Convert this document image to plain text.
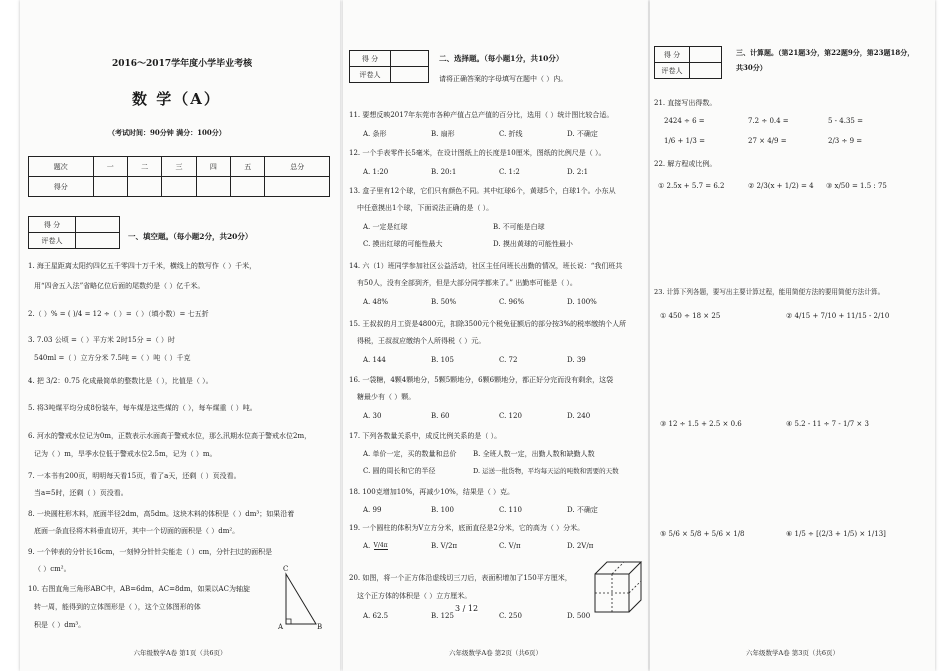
2016～2017学年度小学毕业考核
数 学（A）
（考试时间：90分钟 满分：100分）
题次	一	二	三	四	五	总分
得分						
得 分	
评卷人		一、填空题。（每小题2分，共20分）
1. 海王星距离太阳约四亿五千零四十万千米，横线上的数写作（ ）千米，
用“四舍五入法”省略亿位后面的尾数约是（ ）亿千米。
2.（ ）% = ( )/4 = 12 ÷（ ）=（ ）（填小数）= 七五折
3. 7.03 公顷 =（ ）平方米 2时15分 =（ ）时
540ml =（ ）立方分米 7.5吨 =（ ）吨（ ）千克
4. 把 3/2：0.75 化成最简单的整数比是（ ），比值是（ ）。
5. 将3吨煤平均分成8份装车，每车煤是这些煤的（ ），每车煤重（ ）吨。
6. 河水的警戒水位记为0m，正数表示水面高于警戒水位，那么汛期水位高于警戒水位2m，
记为（ ）m，旱季水位低于警戒水位2.5m，记为（ ）m。
7. 一本书有200页，明明每天看15页，看了a天，还剩（ ）页没看。
当a=5时，还剩（ ）页没看。
8. 一块圆柱形木料，底面半径2dm，高5dm。这块木料的体积是（ ）dm³；如果沿着
底面一条直径将木料垂直切开，其中一个切面的面积是（ ）dm²。
9. 一个钟表的分针长16cm，一刻钟分针针尖能走（ ）cm，分针扫过的面积是
（ ）cm²。
10. 右图直角三角形ABC中，AB=6dm，AC=8dm，如果以AC为轴旋
转一周，能得到的立体图形是（ ），这个立体图形的体
积是（ ）dm³。
C
A	B
六年级数学A卷 第1页（共6页）
得 分	
评卷人	
二、选择题。（每小题1分，共10分）
请将正确答案的字母填写在题中（ ）内。
11. 要想反映2017年东莞市各种产值占总产值的百分比，选用（ ）统计图比较合适。
A. 条形	B. 扇形	C. 折线	D. 不确定
12. 一个手表零件长5毫米，在设计图纸上的长度是10厘米，图纸的比例尺是（ ）。
A. 1:20	B. 20:1	C. 1:2	D. 2:1
13. 盒子里有12个球，它们只有颜色不同。其中红球6个，黄球5个，白球1个。小东从
中任意摸出1个球，下面说法正确的是（ ）。
A. 一定是红球	B. 不可能是白球
C. 摸出红球的可能性最大	D. 摸出黄球的可能性最小
14. 六（1）班同学参加社区公益活动，社区主任问班长出勤的情况，班长说：“我们班共
有50人，没有全部到齐，但是大部分同学都来了。” 出勤率可能是（ ）。
A. 48%	B. 50%	C. 96%	D. 100%
15. 王叔叔的月工资是4800元，扣除3500元个税免征额后的部分按3%的税率缴纳个人所
得税，王叔叔应缴纳个人所得税（ ）元。
A. 144	B. 105	C. 72	D. 39
16. 一袋糖，4颗4颗地分，5颗5颗地分，6颗6颗地分，都正好分完而没有剩余，这袋
糖最少有（ ）颗。
A. 30	B. 60	C. 120	D. 240
17. 下列各数量关系中，成反比例关系的是（ ）。
A. 单价一定，买的数量和总价 B. 全班人数一定，出勤人数和缺勤人数
C. 圆的周长和它的半径	D. 运送一批货物，平均每天运的吨数和需要的天数
18. 100克增加10%，再减少10%，结果是（ ）克。
A. 99	B. 100	C. 110	D. 不确定
19. 一个圆柱的体积为V立方分米，底面直径是2分米，它的高为（ ）分米。
A. V/4π	B. V/2π	C. V/π	D. 2V/π
20. 如图，将一个正方体沿虚线切三刀后，表面积增加了150平方厘米，
这个正方体的体积是（ ）立方厘米。
A. 62.5	B. 125	C. 250	D. 500
3 / 12
六年级数学A卷 第2页（共6页）
得 分	
评卷人	
三、计算题。（第21题3分，第22题9分，第23题18分，
共30分）
21. 直接写出得数。
2424 ÷ 6 =	7.2 ÷ 0.4 =	5 - 4.35 =
1/6 + 1/3 =	27 × 4/9 =	2/3 ÷ 9 =
22. 解方程或比例。
① 2.5x + 5.7 = 6.2	② 2/3(x + 1/2) = 4 ③ x/50 = 1.5 : 75
23. 计算下列各题，要写出主要计算过程，能用简便方法的要用简便方法计算。
① 450 ÷ 18 × 25	② 4/15 + 7/10 + 11/15 - 2/10
③ 12 ÷ 1.5 + 2.5 × 0.6	④ 5.2 - 11 ÷ 7 - 1/7 × 3
⑤ 5/6 × 5/8 + 5/6 × 1/8	⑥ 1/5 ÷ [(2/3 + 1/5) × 1/13]
六年级数学A卷 第3页（共6页）
